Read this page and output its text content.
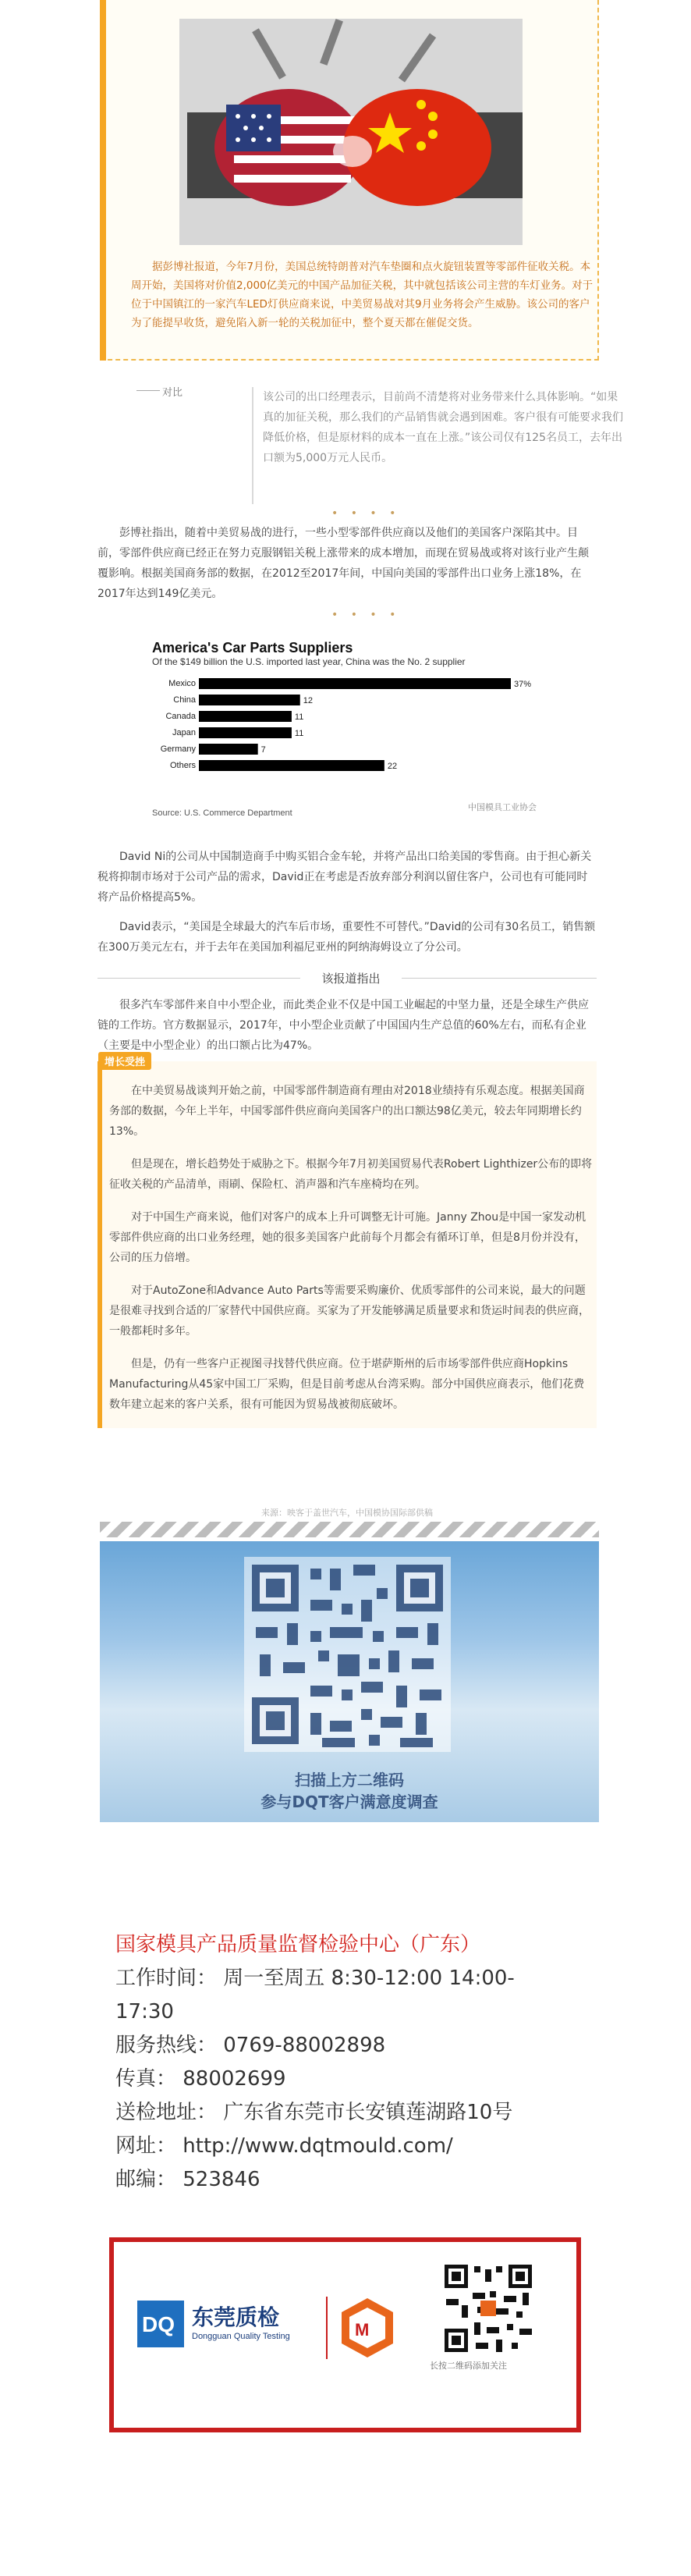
据彭博社报道，今年7月份，美国总统特朗普对汽车垫圈和点火旋钮装置等零部件征收关税。本周开始，美国将对价值2,000亿美元的中国产品加征关税，其中就包括该公司主营的车灯业务。对于位于中国镇江的一家汽车LED灯供应商来说，中美贸易战对其9月业务将会产生威胁。该公司的客户为了能提早收货，避免陷入新一轮的关税加征中，整个夏天都在催促交货。
对比	该公司的出口经理表示，目前尚不清楚将对业务带来什么具体影响。“如果真的加征关税，那么我们的产品销售就会遇到困难。客户很有可能要求我们降低价格，但是原材料的成本一直在上涨。”该公司仅有125名员工，去年出口额为5,000万元人民币。
• • • •
彭博社指出，随着中美贸易战的进行，一些小型零部件供应商以及他们的美国客户深陷其中。目前，零部件供应商已经正在努力克服钢铝关税上涨带来的成本增加，而现在贸易战或将对该行业产生颠覆影响。根据美国商务部的数据，在2012至2017年间，中国向美国的零部件出口业务上涨18%，在2017年达到149亿美元。
• • • •
America's Car Parts Suppliers
Of the $149 billion the U.S. imported last year, China was the No. 2 supplier
Mexico	37%
China	12
Canada	11
Japan	11
Germany	7
Others	22
Source: U.S. Commerce Department
中国模具工业协会
David Ni的公司从中国制造商手中购买铝合金车轮，并将产品出口给美国的零售商。由于担心新关税将抑制市场对于公司产品的需求，David正在考虑是否放弃部分利润以留住客户，公司也有可能同时将产品价格提高5%。
David表示，“美国是全球最大的汽车后市场，重要性不可替代。”David的公司有30名员工，销售额在300万美元左右，并于去年在美国加利福尼亚州的阿纳海姆设立了分公司。
该报道指出
很多汽车零部件来自中小型企业，而此类企业不仅是中国工业崛起的中坚力量，还是全球生产供应链的工作坊。官方数据显示，2017年，中小型企业贡献了中国国内生产总值的60%左右，而私有企业（主要是中小型企业）的出口额占比为47%。
增长受挫
在中美贸易战谈判开始之前，中国零部件制造商有理由对2018业绩持有乐观态度。根据美国商务部的数据，今年上半年，中国零部件供应商向美国客户的出口额达98亿美元，较去年同期增长约13%。
但是现在，增长趋势处于威胁之下。根据今年7月初美国贸易代表Robert Lighthizer公布的即将征收关税的产品清单，雨刷、保险杠、消声器和汽车座椅均在列。
对于中国生产商来说，他们对客户的成本上升可调整无计可施。Janny Zhou是中国一家发动机零部件供应商的出口业务经理，她的很多美国客户此前每个月都会有循环订单，但是8月份并没有，公司的压力倍增。
对于AutoZone和Advance Auto Parts等需要采购廉价、优质零部件的公司来说，最大的问题是很难寻找到合适的厂家替代中国供应商。买家为了开发能够满足质量要求和货运时间表的供应商，一般都耗时多年。
但是，仍有一些客户正视图寻找替代供应商。位于堪萨斯州的后市场零部件供应商Hopkins Manufacturing从45家中国工厂采购，但是目前考虑从台湾采购。部分中国供应商表示，他们花费数年建立起来的客户关系，很有可能因为贸易战被彻底破坏。
来源：映客于盖世汽车，中国模协国际部供稿
扫描上方二维码
参与DQT客户满意度调查
国家模具产品质量监督检验中心（广东）
工作时间： 周一至周五 8:30-12:00 14:00-
17:30
服务热线： 0769-88002898
传真： 88002699
送检地址： 广东省东莞市长安镇莲湖路10号
网址： http://www.dqtmould.com/
邮编： 523846
DQ 东莞质检
Dongguan Quality Testing	M
长按二维码添加关注
